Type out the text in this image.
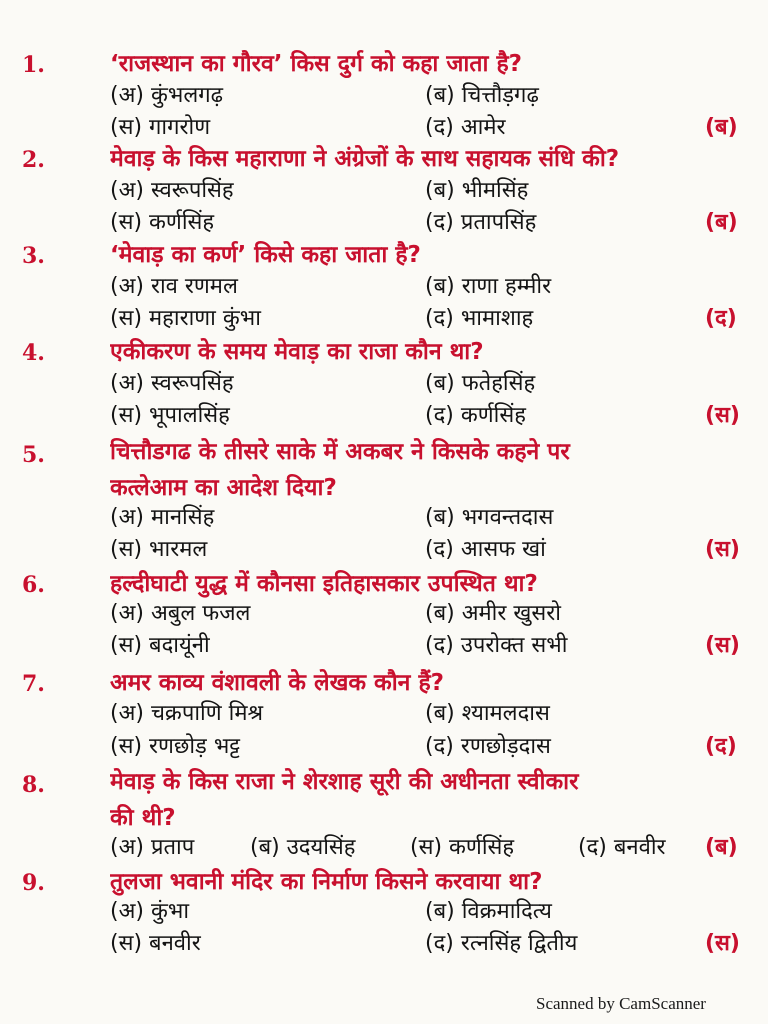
1.	‘राजस्थान का गौरव’ किस दुर्ग को कहा जाता है?
(अ) कुंभलगढ़	(ब) चित्तौड़गढ़
(स) गागरोण	(द) आमेर	(ब)
2.	मेवाड़ के किस महाराणा ने अंग्रेजों के साथ सहायक संधि की?
(अ) स्वरूपसिंह	(ब) भीमसिंह
(स) कर्णसिंह	(द) प्रतापसिंह	(ब)
3.	‘मेवाड़ का कर्ण’ किसे कहा जाता है?
(अ) राव रणमल	(ब) राणा हम्मीर
(स) महाराणा कुंभा	(द) भामाशाह	(द)
4.	एकीकरण के समय मेवाड़ का राजा कौन था?
(अ) स्वरूपसिंह	(ब) फतेहसिंह
(स) भूपालसिंह	(द) कर्णसिंह	(स)
5.	चित्तौडगढ के तीसरे साके में अकबर ने किसके कहने पर
कत्लेआम का आदेश दिया?
(अ) मानसिंह	(ब) भगवन्तदास
(स) भारमल	(द) आसफ खां	(स)
6.	हल्दीघाटी युद्ध में कौनसा इतिहासकार उपस्थित था?
(अ) अबुल फजल	(ब) अमीर खुसरो
(स) बदायूंनी	(द) उपरोक्त सभी	(स)
7.	अमर काव्य वंशावली के लेखक कौन हैं?
(अ) चक्रपाणि मिश्र	(ब) श्यामलदास
(स) रणछोड़ भट्ट	(द) रणछोड़दास	(द)
8.	मेवाड़ के किस राजा ने शेरशाह सूरी की अधीनता स्वीकार
की थी?
(अ) प्रताप	(ब) उदयसिंह (स) कर्णसिंह	(द) बनवीर (ब)
9.	तुलजा भवानी मंदिर का निर्माण किसने करवाया था?
(अ) कुंभा	(ब) विक्रमादित्य
(स) बनवीर	(द) रत्नसिंह द्वितीय	(स)
Scanned by CamScanner
